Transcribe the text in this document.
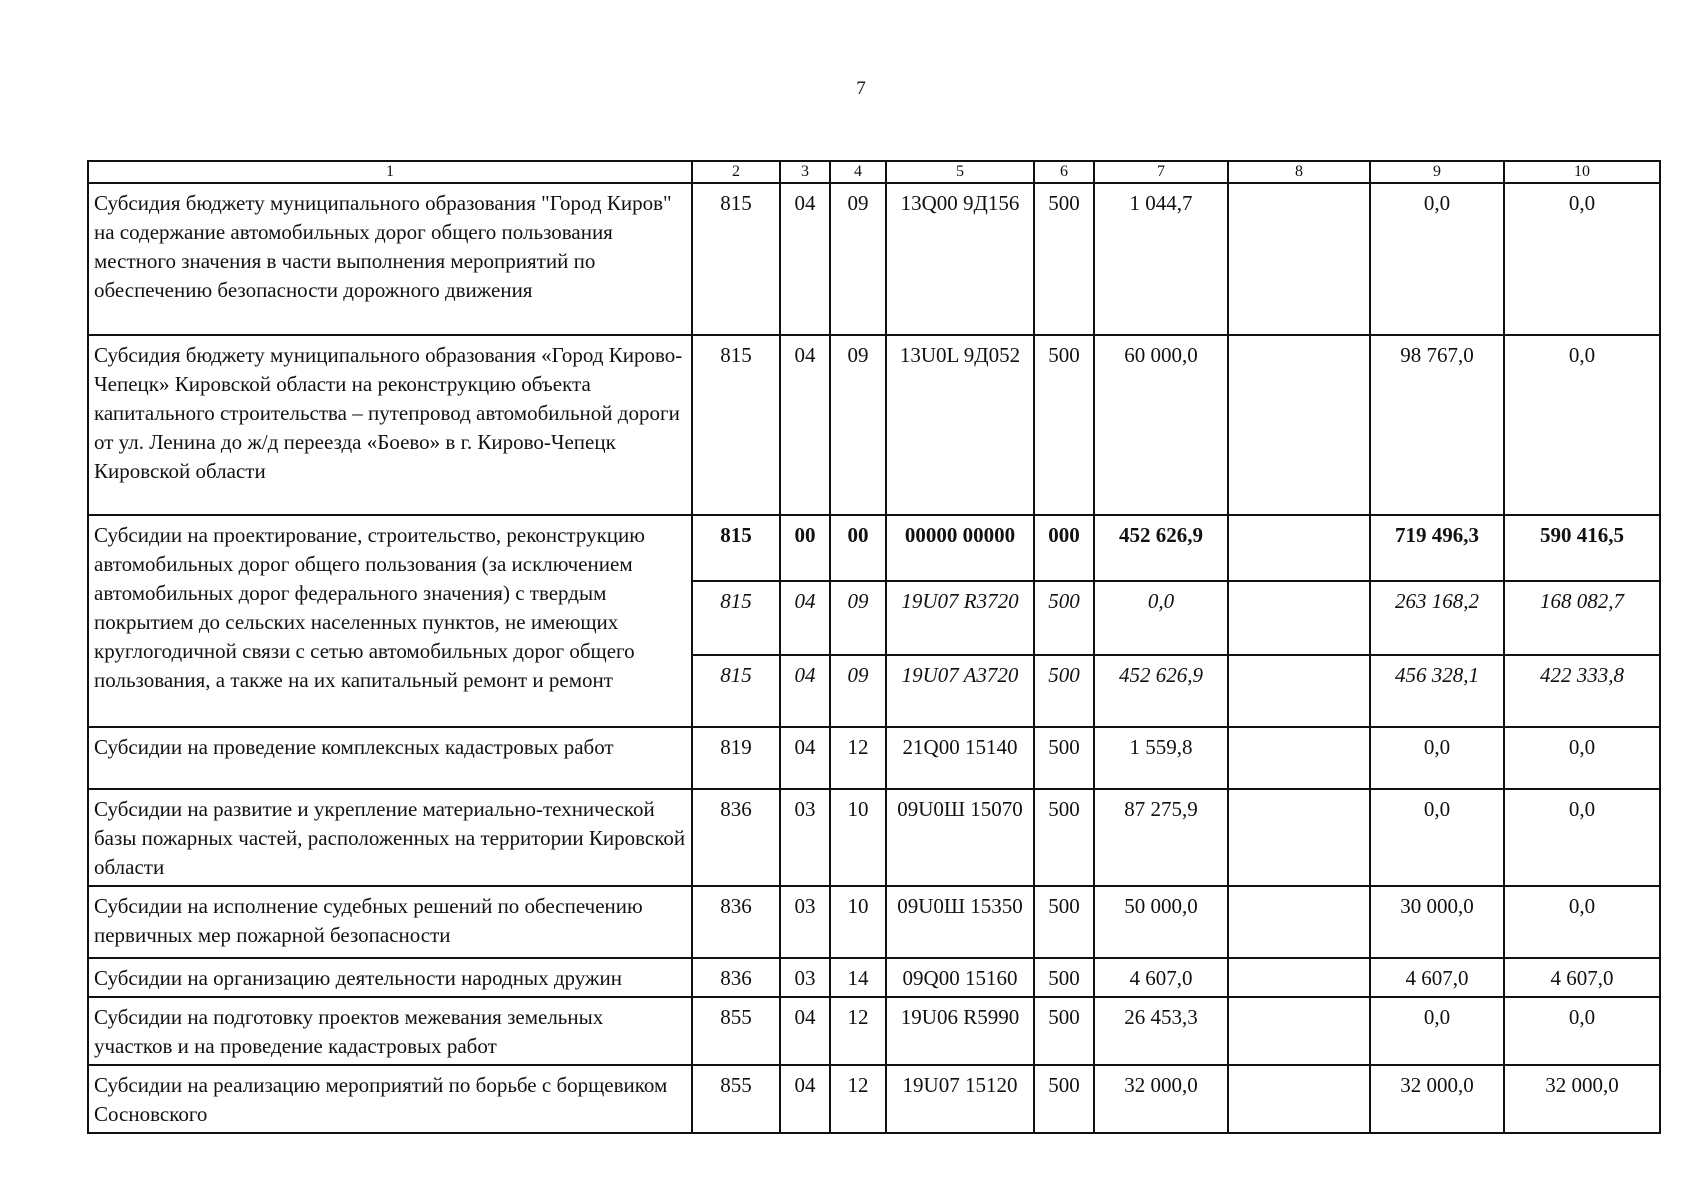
7
1	2	3	4	5	6	7	8	9	10
Субсидия бюджету муниципального образования "Город Киров" на содержание автомобильных дорог общего пользования местного значения в части выполнения мероприятий по обеспечению безопасности дорожного движения	815	04	09	13Q00 9Д156	500	1 044,7		0,0	0,0
Субсидия бюджету муниципального образования «Город Кирово-Чепецк» Кировской области на реконструкцию объекта капитального строительства – путепровод автомобильной дороги от ул. Ленина до ж/д переезда «Боево» в г. Кирово-Чепецк Кировской области	815	04	09	13U0L 9Д052	500	60 000,0		98 767,0	0,0
Субсидии на проектирование, строительство, реконструкцию автомобильных дорог общего пользования (за исключением автомобильных дорог федерального значения) с твердым покрытием до сельских населенных пунктов, не имеющих круглогодичной связи с сетью автомобильных дорог общего пользования, а также на их капитальный ремонт и ремонт	815	00	00	00000 00000	000	452 626,9		719 496,3	590 416,5
	815	04	09	19U07 R3720	500	0,0		263 168,2	168 082,7
	815	04	09	19U07 A3720	500	452 626,9		456 328,1	422 333,8
Субсидии на проведение комплексных кадастровых работ	819	04	12	21Q00 15140	500	1 559,8		0,0	0,0
Субсидии на развитие и укрепление материально-технической базы пожарных частей, расположенных на территории Кировской области	836	03	10	09U0Ш 15070	500	87 275,9		0,0	0,0
Субсидии на исполнение судебных решений по обеспечению первичных мер пожарной безопасности	836	03	10	09U0Ш 15350	500	50 000,0		30 000,0	0,0
Субсидии на организацию деятельности народных дружин	836	03	14	09Q00 15160	500	4 607,0		4 607,0	4 607,0
Субсидии на подготовку проектов межевания земельных участков и на проведение кадастровых работ	855	04	12	19U06 R5990	500	26 453,3		0,0	0,0
Субсидии на реализацию мероприятий по борьбе с борщевиком Сосновского	855	04	12	19U07 15120	500	32 000,0		32 000,0	32 000,0
